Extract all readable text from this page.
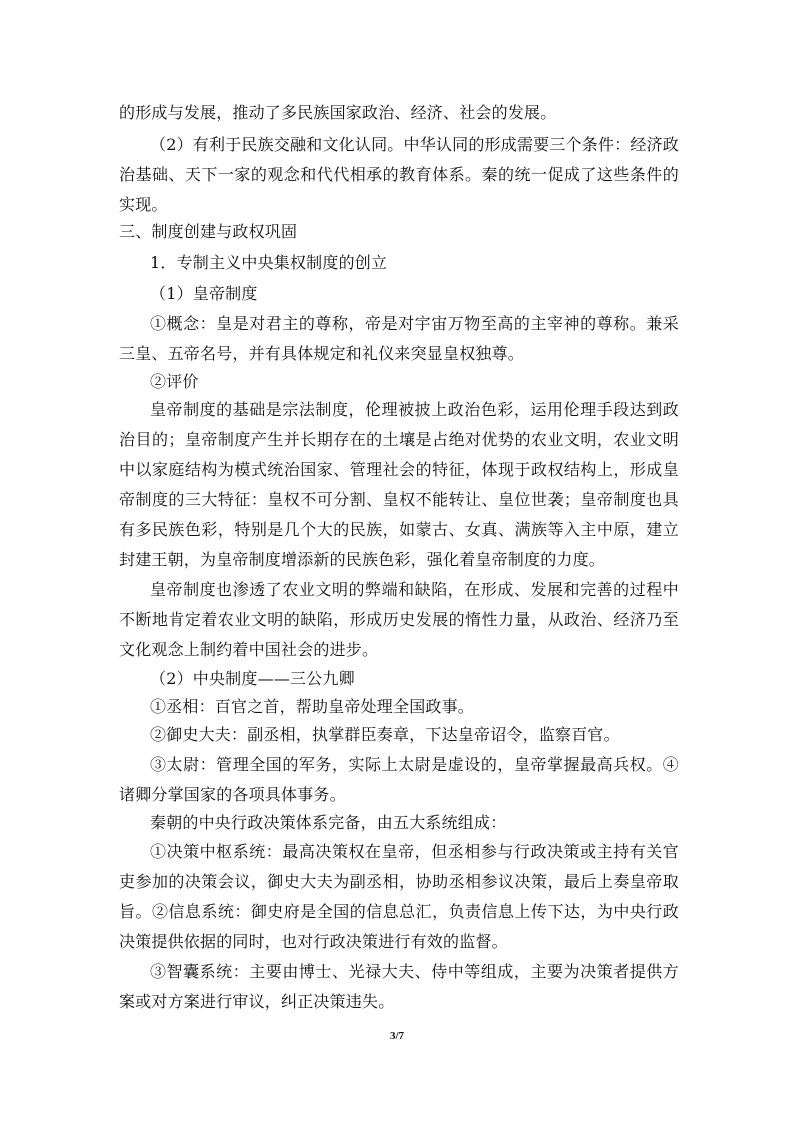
的形成与发展，推动了多民族国家政治、经济、社会的发展。
（2）有利于民族交融和文化认同。中华认同的形成需要三个条件：经济政
治基础、天下一家的观念和代代相承的教育体系。秦的统一促成了这些条件的
实现。
三、制度创建与政权巩固
1．专制主义中央集权制度的创立
（1）皇帝制度
①概念：皇是对君主的尊称，帝是对宇宙万物至高的主宰神的尊称。兼采
三皇、五帝名号，并有具体规定和礼仪来突显皇权独尊。
②评价
皇帝制度的基础是宗法制度，伦理被披上政治色彩，运用伦理手段达到政
治目的；皇帝制度产生并长期存在的土壤是占绝对优势的农业文明，农业文明
中以家庭结构为模式统治国家、管理社会的特征，体现于政权结构上，形成皇
帝制度的三大特征：皇权不可分割、皇权不能转让、皇位世袭；皇帝制度也具
有多民族色彩，特别是几个大的民族，如蒙古、女真、满族等入主中原，建立
封建王朝，为皇帝制度增添新的民族色彩，强化着皇帝制度的力度。
皇帝制度也渗透了农业文明的弊端和缺陷，在形成、发展和完善的过程中
不断地肯定着农业文明的缺陷，形成历史发展的惰性力量，从政治、经济乃至
文化观念上制约着中国社会的进步。
（2）中央制度——三公九卿
①丞相：百官之首，帮助皇帝处理全国政事。
②御史大夫：副丞相，执掌群臣奏章，下达皇帝诏令，监察百官。
③太尉：管理全国的军务，实际上太尉是虚设的，皇帝掌握最高兵权。④
诸卿分掌国家的各项具体事务。
秦朝的中央行政决策体系完备，由五大系统组成：
①决策中枢系统：最高决策权在皇帝，但丞相参与行政决策或主持有关官
吏参加的决策会议，御史大夫为副丞相，协助丞相参议决策，最后上奏皇帝取
旨。②信息系统：御史府是全国的信息总汇，负责信息上传下达，为中央行政
决策提供依据的同时，也对行政决策进行有效的监督。
③智囊系统：主要由博士、光禄大夫、侍中等组成，主要为决策者提供方
案或对方案进行审议，纠正决策违失。
3/7
